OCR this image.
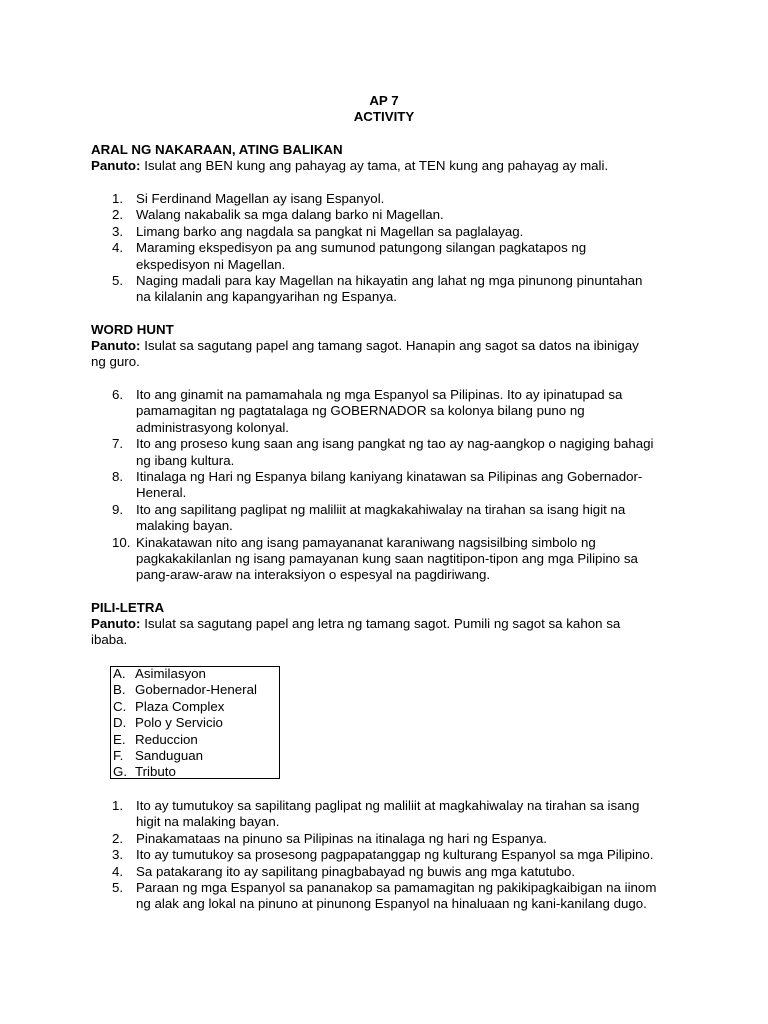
AP 7
ACTIVITY
ARAL NG NAKARAAN, ATING BALIKAN
Panuto: Isulat ang BEN kung ang pahayag ay tama, at TEN kung ang pahayag ay mali.
1. Si Ferdinand Magellan ay isang Espanyol.
2. Walang nakabalik sa mga dalang barko ni Magellan.
3. Limang barko ang nagdala sa pangkat ni Magellan sa paglalayag.
4. Maraming ekspedisyon pa ang sumunod patungong silangan pagkatapos ng
ekspedisyon ni Magellan.
5. Naging madali para kay Magellan na hikayatin ang lahat ng mga pinunong pinuntahan
na kilalanin ang kapangyarihan ng Espanya.
WORD HUNT
Panuto: Isulat sa sagutang papel ang tamang sagot. Hanapin ang sagot sa datos na ibinigay
ng guro.
6. Ito ang ginamit na pamamahala ng mga Espanyol sa Pilipinas. Ito ay ipinatupad sa
pamamagitan ng pagtatalaga ng GOBERNADOR sa kolonya bilang puno ng
administrasyong kolonyal.
7. Ito ang proseso kung saan ang isang pangkat ng tao ay nag-aangkop o nagiging bahagi
ng ibang kultura.
8. Itinalaga ng Hari ng Espanya bilang kaniyang kinatawan sa Pilipinas ang Gobernador-
Heneral.
9. Ito ang sapilitang paglipat ng maliliit at magkakahiwalay na tirahan sa isang higit na
malaking bayan.
10. Kinakatawan nito ang isang pamayananat karaniwang nagsisilbing simbolo ng
pagkakakilanlan ng isang pamayanan kung saan nagtitipon-tipon ang mga Pilipino sa
pang-araw-araw na interaksiyon o espesyal na pagdiriwang.
PILI-LETRA
Panuto: Isulat sa sagutang papel ang letra ng tamang sagot. Pumili ng sagot sa kahon sa
ibaba.
A. Asimilasyon
B. Gobernador-Heneral
C. Plaza Complex
D. Polo y Servicio
E. Reduccion
F. Sanduguan
G. Tributo
1. Ito ay tumutukoy sa sapilitang paglipat ng maliliit at magkahiwalay na tirahan sa isang
higit na malaking bayan.
2. Pinakamataas na pinuno sa Pilipinas na itinalaga ng hari ng Espanya.
3. Ito ay tumutukoy sa prosesong pagpapatanggap ng kulturang Espanyol sa mga Pilipino.
4. Sa patakarang ito ay sapilitang pinagbabayad ng buwis ang mga katutubo.
5. Paraan ng mga Espanyol sa pananakop sa pamamagitan ng pakikipagkaibigan na iinom
ng alak ang lokal na pinuno at pinunong Espanyol na hinaluaan ng kani-kanilang dugo.
